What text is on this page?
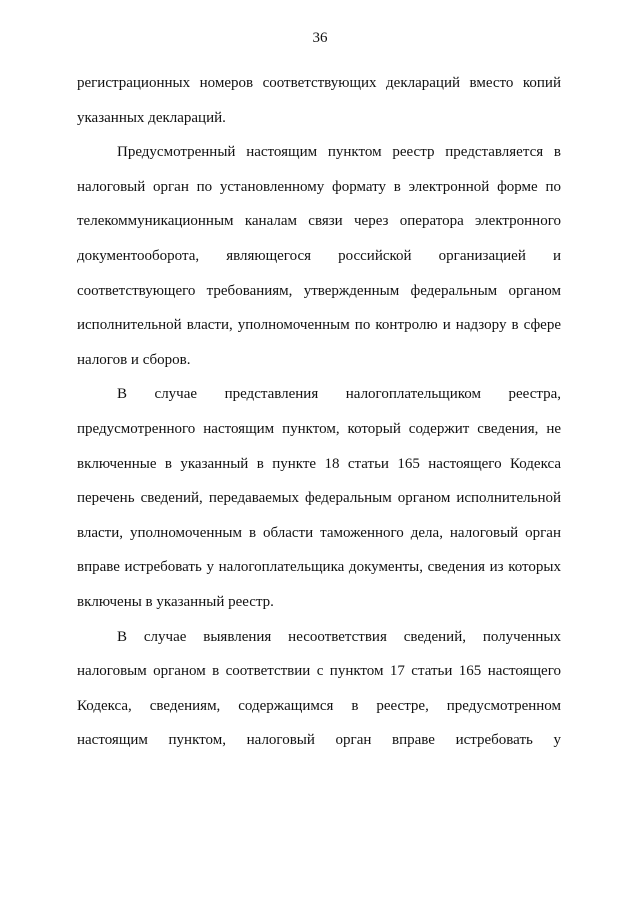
36
регистрационных номеров соответствующих деклараций вместо копий
указанных деклараций.
Предусмотренный настоящим пунктом реестр представляется в
налоговый орган по установленному формату в электронной форме по
телекоммуникационным каналам связи через оператора электронного
документооборота, являющегося российской организацией и
соответствующего требованиям, утвержденным федеральным органом
исполнительной власти, уполномоченным по контролю и надзору в сфере
налогов и сборов.
В случае представления налогоплательщиком реестра,
предусмотренного настоящим пунктом, который содержит сведения, не
включенные в указанный в пункте 18 статьи 165 настоящего Кодекса
перечень сведений, передаваемых федеральным органом исполнительной
власти, уполномоченным в области таможенного дела, налоговый орган
вправе истребовать у налогоплательщика документы, сведения из которых
включены в указанный реестр.
В случае выявления несоответствия сведений, полученных
налоговым органом в соответствии с пунктом 17 статьи 165 настоящего
Кодекса, сведениям, содержащимся в реестре, предусмотренном
настоящим пунктом, налоговый орган вправе истребовать у
